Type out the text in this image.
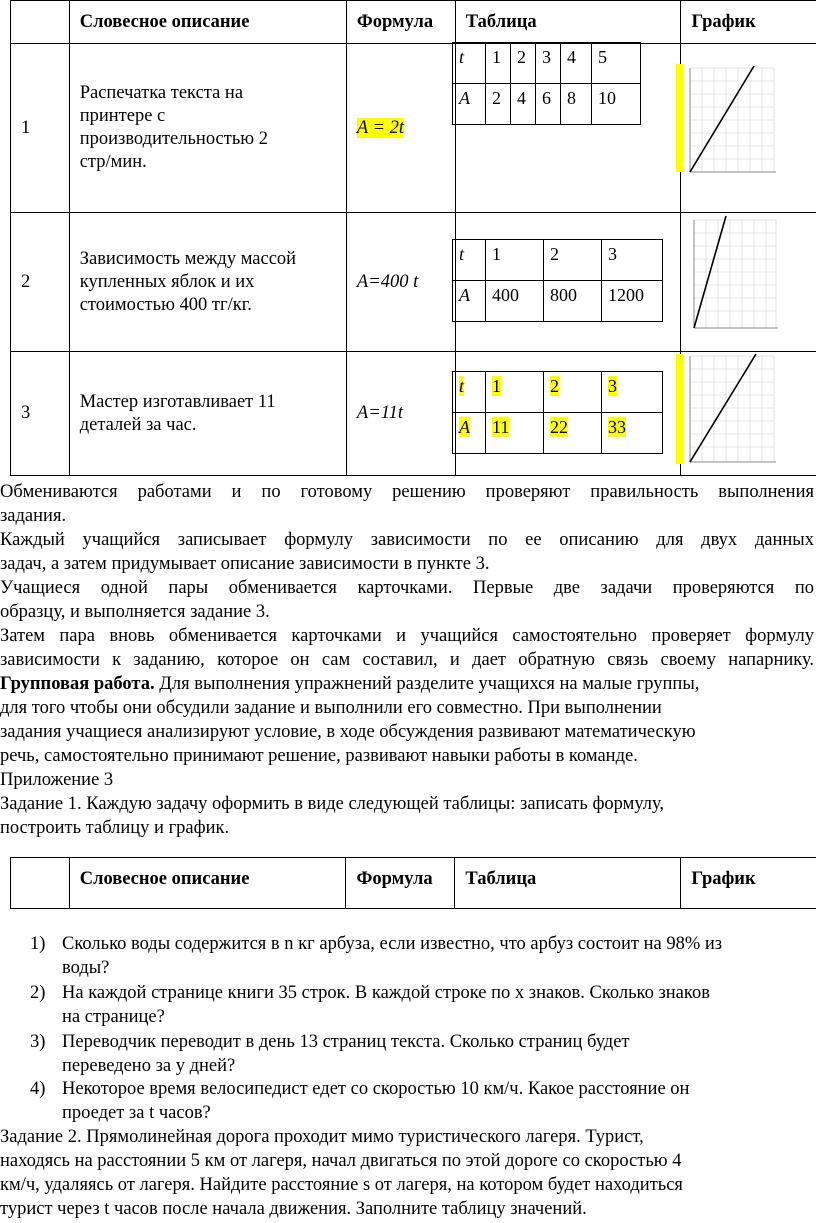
	Словесное описание	Формула	Таблица	График
1	Распечатка текста на
принтере с
производительностью 2
стр/мин.	A = 2t		
2	Зависимость между массой
купленных яблок и их
стоимостью 400 тг/кг.	A=400 t		
3	Мастер изготавливает 11
деталей за час.	A=11t		
t	1	2	3	4	5
A	2	4	6	8	10
t	1	2	3
A	400	800	1200
t	1	2	3
A	11	22	33
Обмениваются работами и по готовому решению проверяют правильность выполнения
задания.
Каждый учащийся записывает формулу зависимости по ее описанию для двух данных
задач, а затем придумывает описание зависимости в пункте 3.
Учащиеся одной пары обменивается карточками. Первые две задачи проверяются по
образцу, и выполняется задание 3.
Затем пара вновь обменивается карточками и учащийся самостоятельно проверяет формулу
зависимости к заданию, которое он сам составил, и дает обратную связь своему напарнику.
Групповая работа. Для выполнения упражнений разделите учащихся на малые группы,
для того чтобы они обсудили задание и выполнили его совместно. При выполнении
задания учащиеся анализируют условие, в ходе обсуждения развивают математическую
речь, самостоятельно принимают решение, развивают навыки работы в команде.
Приложение 3
Задание 1. Каждую задачу оформить в виде следующей таблицы: записать формулу,
построить таблицу и график.
	Словесное описание	Формула	Таблица	График
1) Сколько воды содержится в n кг арбуза, если известно, что арбуз состоит на 98% из
воды?
2) На каждой странице книги 35 строк. В каждой строке по х знаков. Сколько знаков
на странице?
3) Переводчик переводит в день 13 страниц текста. Сколько страниц будет
переведено за у дней?
4) Некоторое время велосипедист едет со скоростью 10 км/ч. Какое расстояние он
проедет за t часов?
Задание 2. Прямолинейная дорога проходит мимо туристического лагеря. Турист,
находясь на расстоянии 5 км от лагеря, начал двигаться по этой дороге со скоростью 4
км/ч, удаляясь от лагеря. Найдите расстояние s от лагеря, на котором будет находиться
турист через t часов после начала движения. Заполните таблицу значений.
